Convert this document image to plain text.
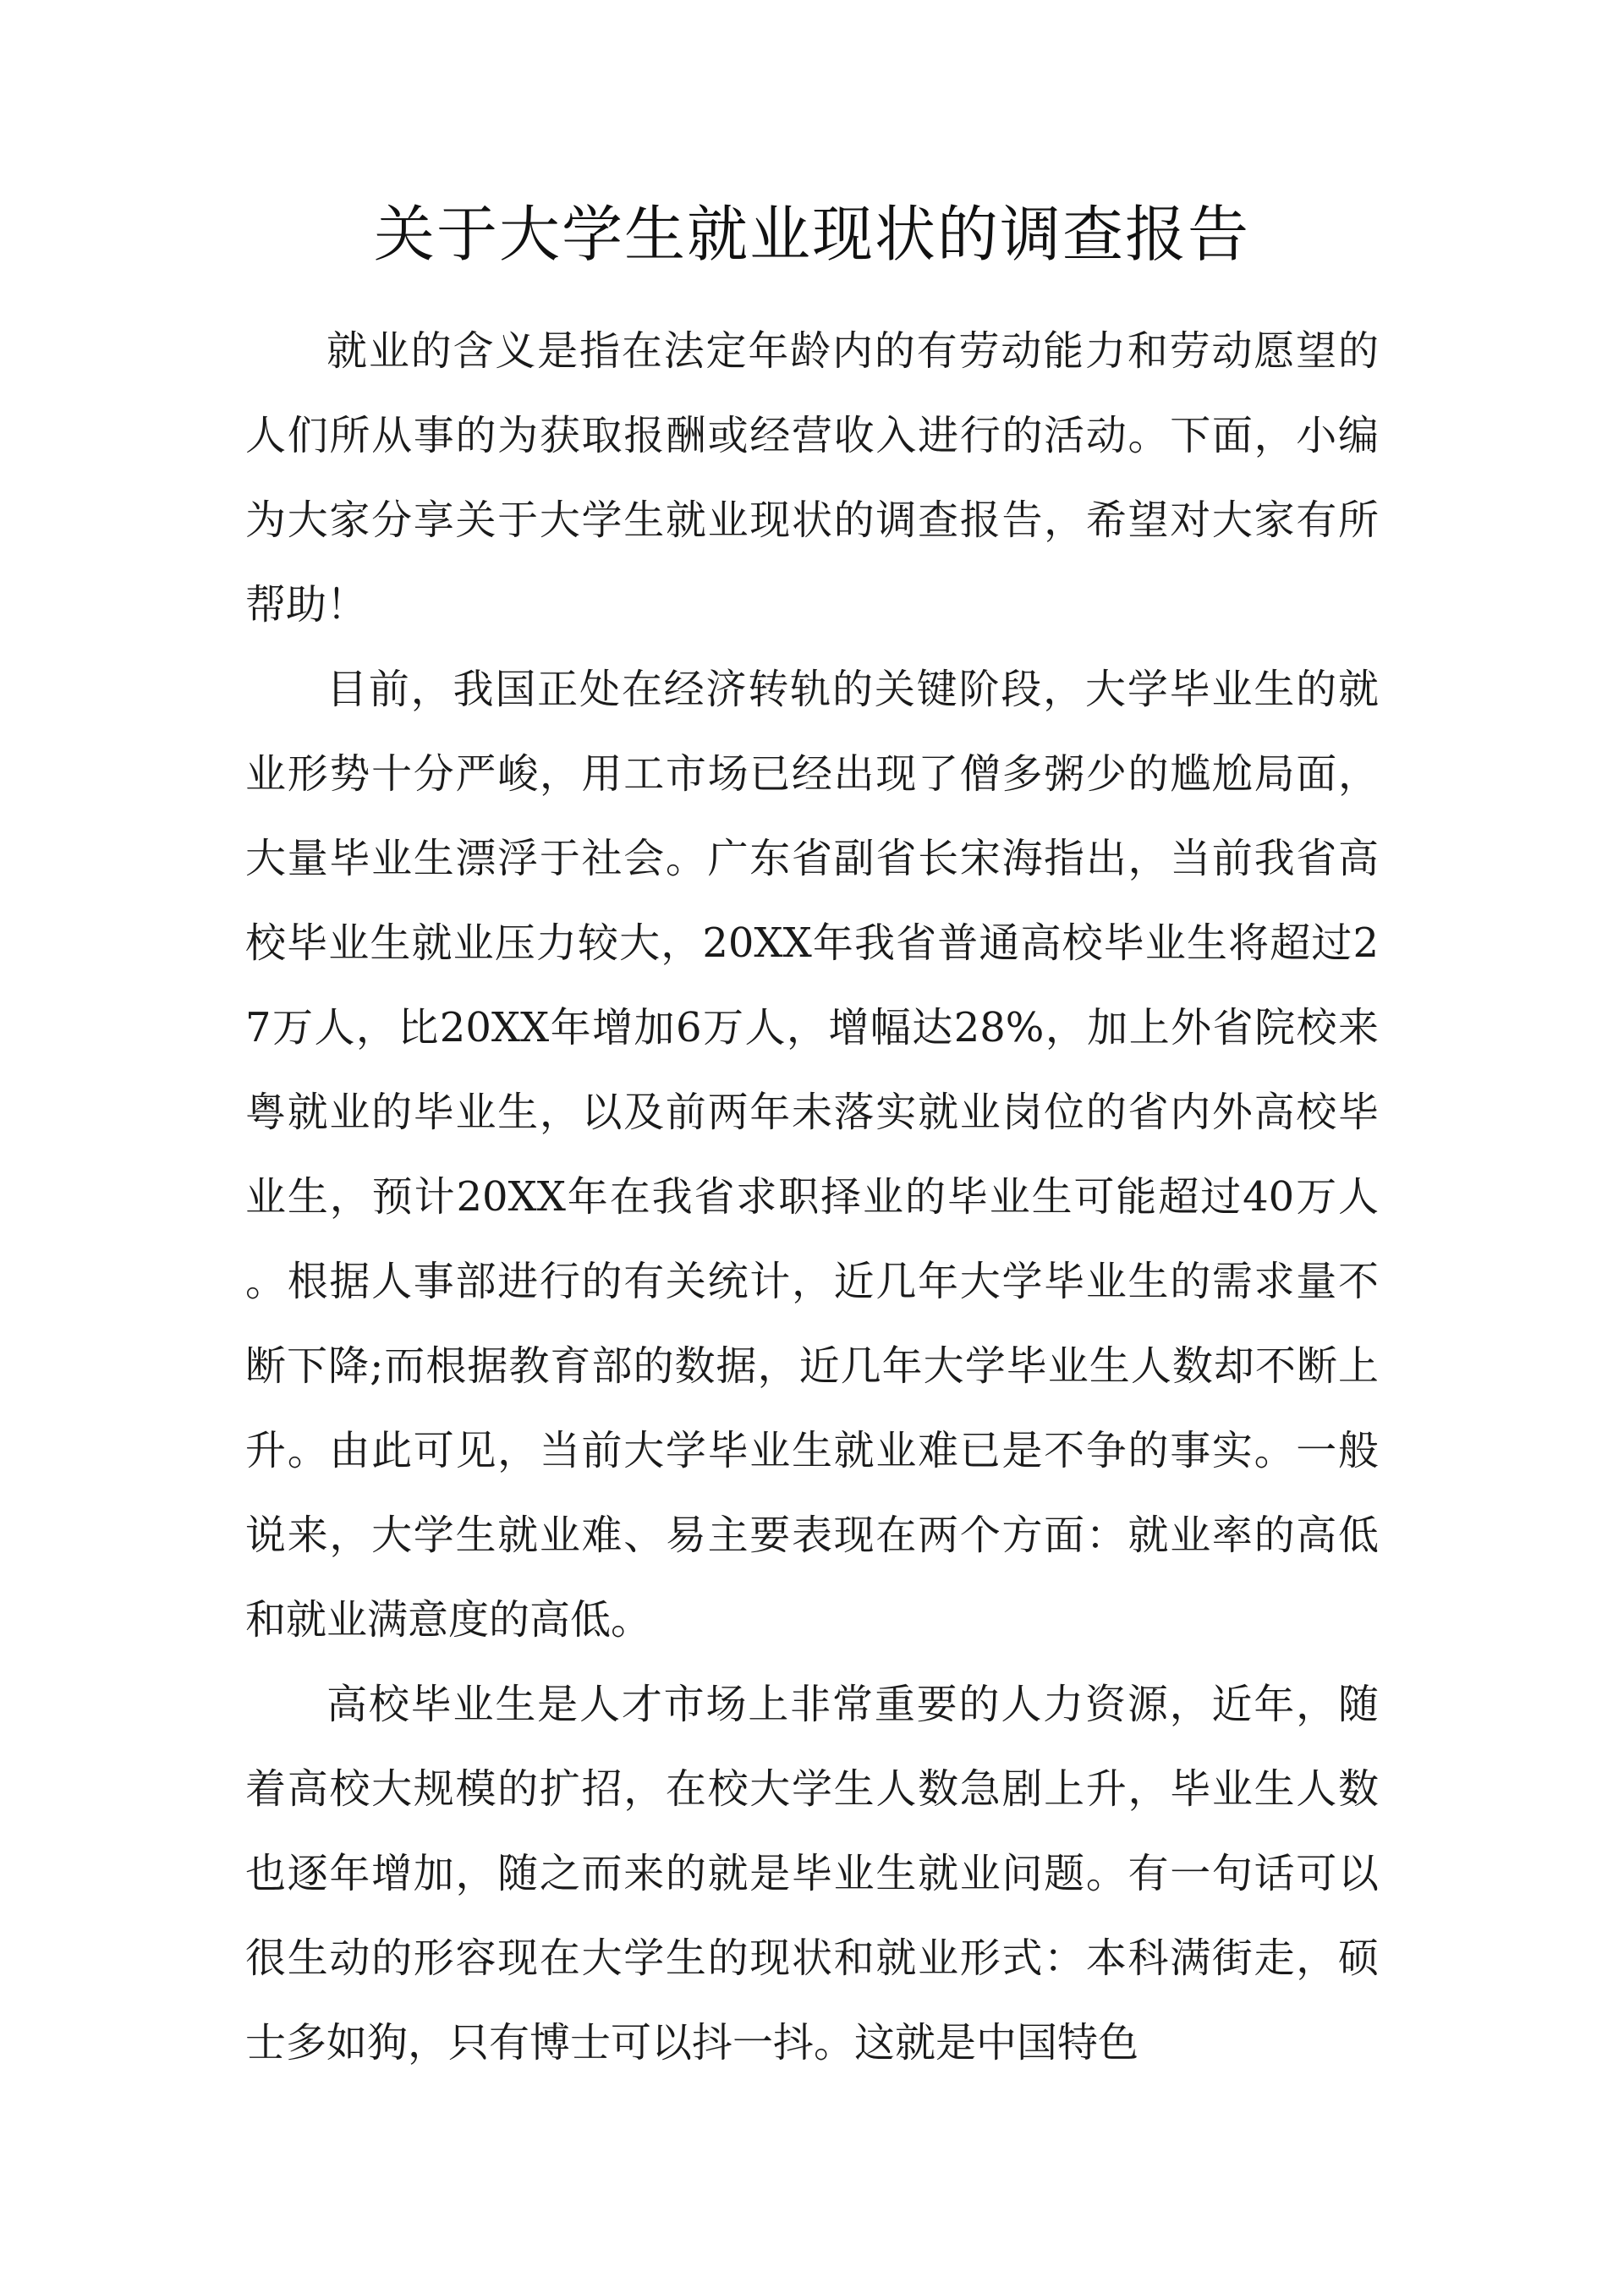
关于大学生就业现状的调查报告

就业的含义是指在法定年龄内的有劳动能力和劳动愿望的人们所从事的为获取报酬或经营收入进行的活动。下面，小编为大家分享关于大学生就业现状的调查报告，希望对大家有所帮助！

目前，我国正处在经济转轨的关键阶段，大学毕业生的就业形势十分严峻，用工市场已经出现了僧多粥少的尴尬局面，大量毕业生漂浮于社会。广东省副省长宋海指出，当前我省高校毕业生就业压力较大，20XX年我省普通高校毕业生将超过27万人，比20XX年增加6万人，增幅达28%，加上外省院校来粤就业的毕业生，以及前两年未落实就业岗位的省内外高校毕业生，预计20XX年在我省求职择业的毕业生可能超过40万人。根据人事部进行的有关统计，近几年大学毕业生的需求量不断下降;而根据教育部的数据，近几年大学毕业生人数却不断上升。由此可见，当前大学毕业生就业难已是不争的事实。一般说来，大学生就业难、易主要表现在两个方面：就业率的高低和就业满意度的高低。

高校毕业生是人才市场上非常重要的人力资源，近年，随着高校大规模的扩招，在校大学生人数急剧上升，毕业生人数也逐年增加，随之而来的就是毕业生就业问题。有一句话可以很生动的形容现在大学生的现状和就业形式：本科满街走，硕士多如狗，只有博士可以抖一抖。这就是中国特色
